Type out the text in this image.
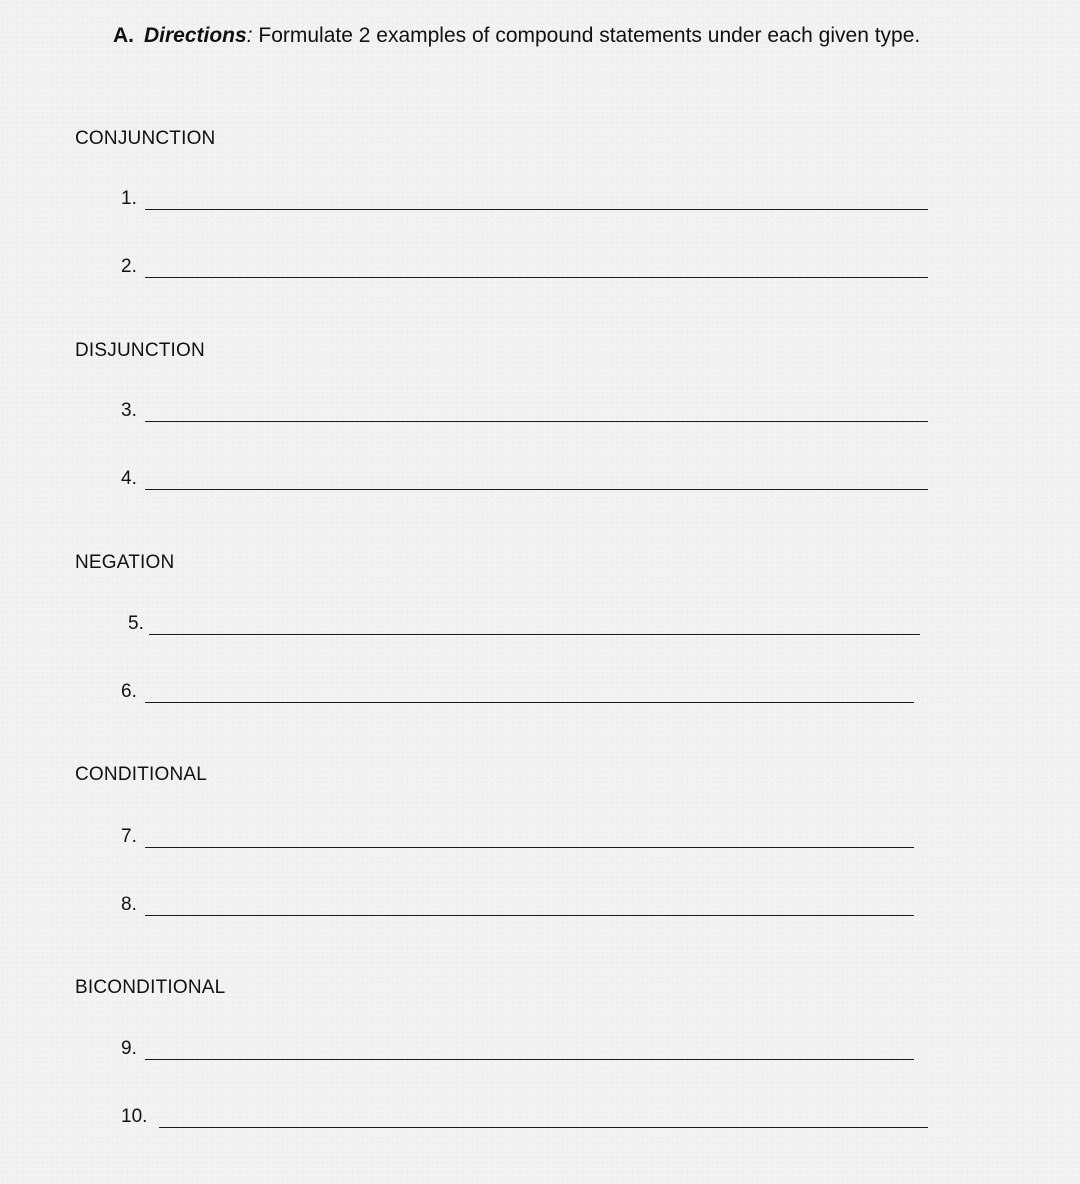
A. Directions: Formulate 2 examples of compound statements under each given type.
CONJUNCTION
1.
2.
DISJUNCTION
3.
4.
NEGATION
5.
6.
CONDITIONAL
7.
8.
BICONDITIONAL
9.
10.
